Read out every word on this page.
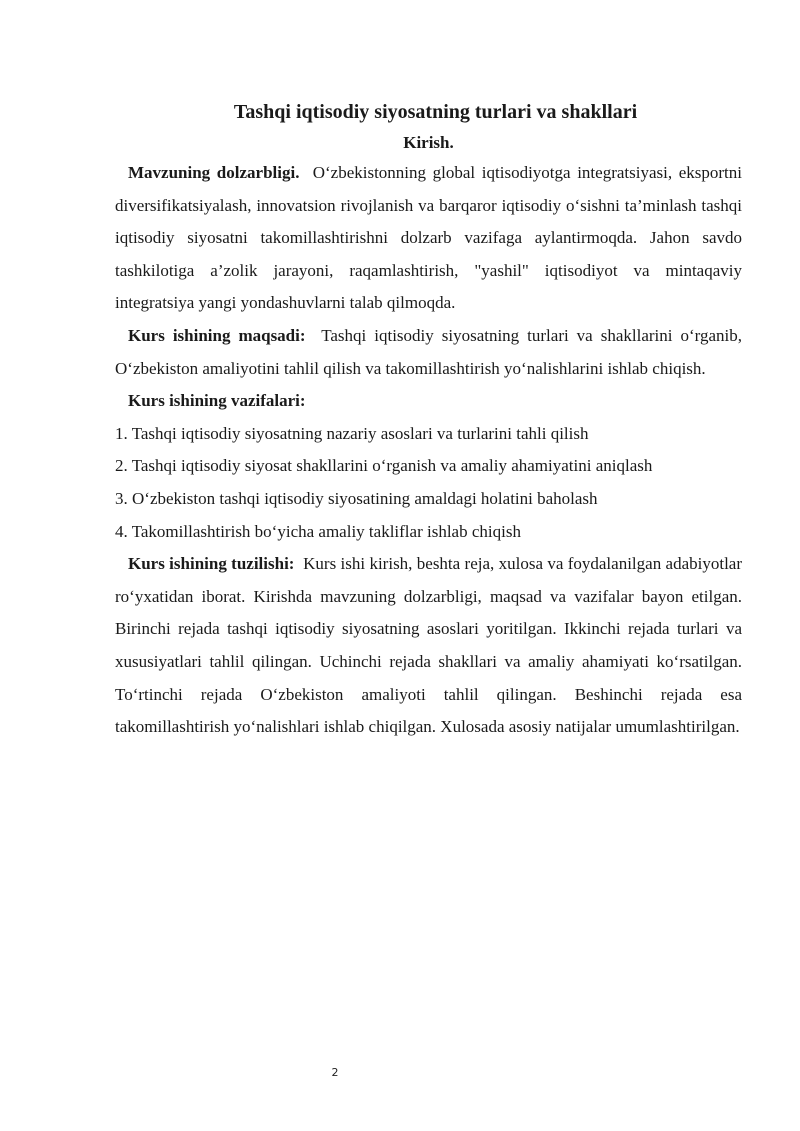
Tashqi iqtisodiy siyosatning turlari va shakllari
Kirish.

Mavzuning dolzarbligi. O‘zbekistonning global iqtisodiyotga integratsiyasi, eksportni diversifikatsiyalash, innovatsion rivojlanish va barqaror iqtisodiy o‘sishni ta’minlash tashqi iqtisodiy siyosatni takomillashtirishni dolzarb vazifaga aylantirmoqda. Jahon savdo tashkilotiga a’zolik jarayoni, raqamlashtirish, "yashil" iqtisodiyot va mintaqaviy integratsiya yangi yondashuvlarni talab qilmoqda.

Kurs ishining maqsadi: Tashqi iqtisodiy siyosatning turlari va shakllarini o‘rganib, O‘zbekiston amaliyotini tahlil qilish va takomillashtirish yo‘nalishlarini ishlab chiqish.

Kurs ishining vazifalari:

1. Tashqi iqtisodiy siyosatning nazariy asoslari va turlarini tahli qilish

2. Tashqi iqtisodiy siyosat shakllarini o‘rganish va amaliy ahamiyatini aniqlash

3. O‘zbekiston tashqi iqtisodiy siyosatining amaldagi holatini baholash

4. Takomillashtirish bo‘yicha amaliy takliflar ishlab chiqish

Kurs ishining tuzilishi: Kurs ishi kirish, beshta reja, xulosa va foydalanilgan adabiyotlar ro‘yxatidan iborat. Kirishda mavzuning dolzarbligi, maqsad va vazifalar bayon etilgan. Birinchi rejada tashqi iqtisodiy siyosatning asoslari yoritilgan. Ikkinchi rejada turlari va xususiyatlari tahlil qilingan. Uchinchi rejada shakllari va amaliy ahamiyati ko‘rsatilgan. To‘rtinchi rejada O‘zbekiston amaliyoti tahlil qilingan. Beshinchi rejada esa takomillashtirish yo‘nalishlari ishlab chiqilgan. Xulosada asosiy natijalar umumlashtirilgan.

2
